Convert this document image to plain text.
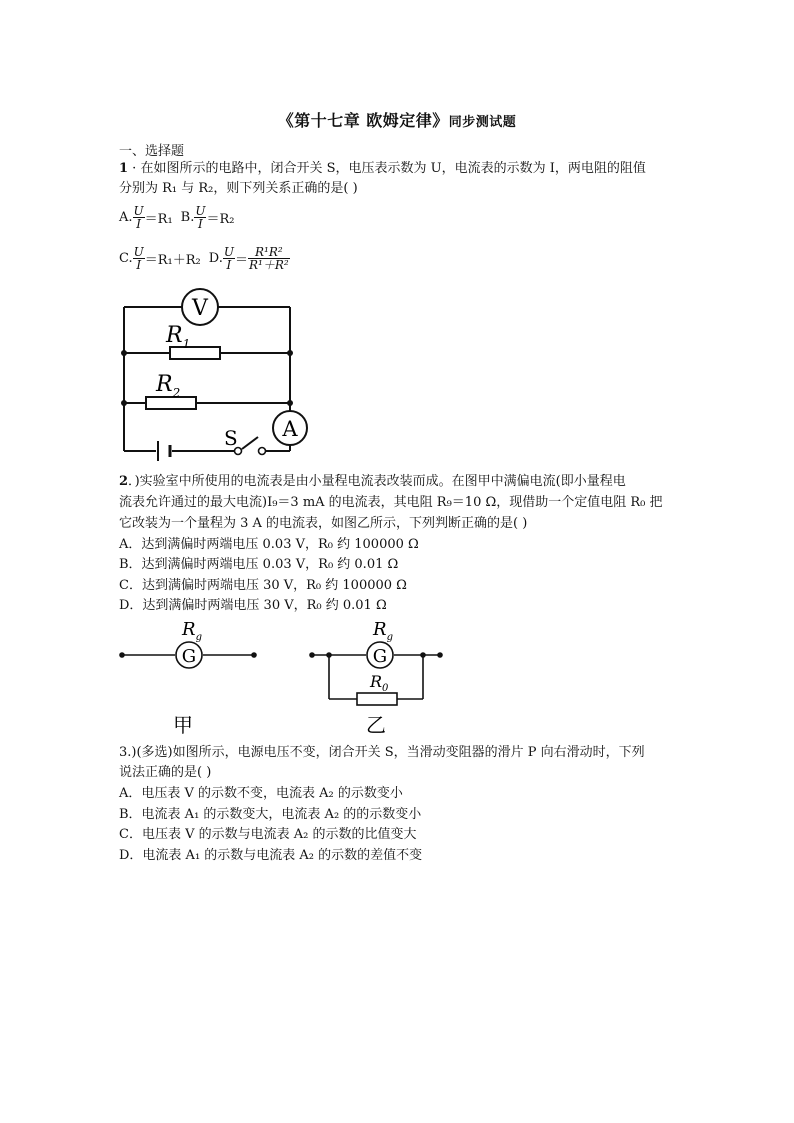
《第十七章 欧姆定律》同步测试题
一、选择题
1 · 在如图所示的电路中，闭合开关 S，电压表示数为 U，电流表的示数为 I，两电阻的阻值
分别为 R₁ 与 R₂，则下列关系正确的是( )
A. $\frac{U}{I} =R_1$ B. $\frac{U}{I} =R_2$
C. $\frac{U}{I} =R_1+R_2$ D. $\frac{U}{I} = \frac{\text{R¹R²}}{\text{R¹＋R²}}$
V
A
$R_1$
$R_2$
S
2．)实验室中所使用的电流表是由小量程电流表改装而成。在图甲中满偏电流(即小量程电
流表允许通过的最大电流)I₉＝3 mA 的电流表，其电阻 R₉＝10 Ω，现借助一个定值电阻 R₀ 把
它改装为一个量程为 3 A 的电流表，如图乙所示，下列判断正确的是( )
A．达到满偏时两端电压 0.03 V，R₀ 约 100000 Ω
B．达到满偏时两端电压 0.03 V，R₀ 约 0.01 Ω
C．达到满偏时两端电压 30 V，R₀ 约 100000 Ω
D．达到满偏时两端电压 30 V，R₀ 约 0.01 Ω
G
$R_g$
甲
G
$R_g$
$R_0$
乙
3.)(多选)如图所示，电源电压不变，闭合开关 S，当滑动变阻器的滑片 P 向右滑动时，下列
说法正确的是( )
A．电压表 V 的示数不变，电流表 A₂ 的示数变小
B．电流表 A₁ 的示数变大，电流表 A₂ 的的示数变小
C．电压表 V 的示数与电流表 A₂ 的示数的比值变大
D．电流表 A₁ 的示数与电流表 A₂ 的示数的差值不变
